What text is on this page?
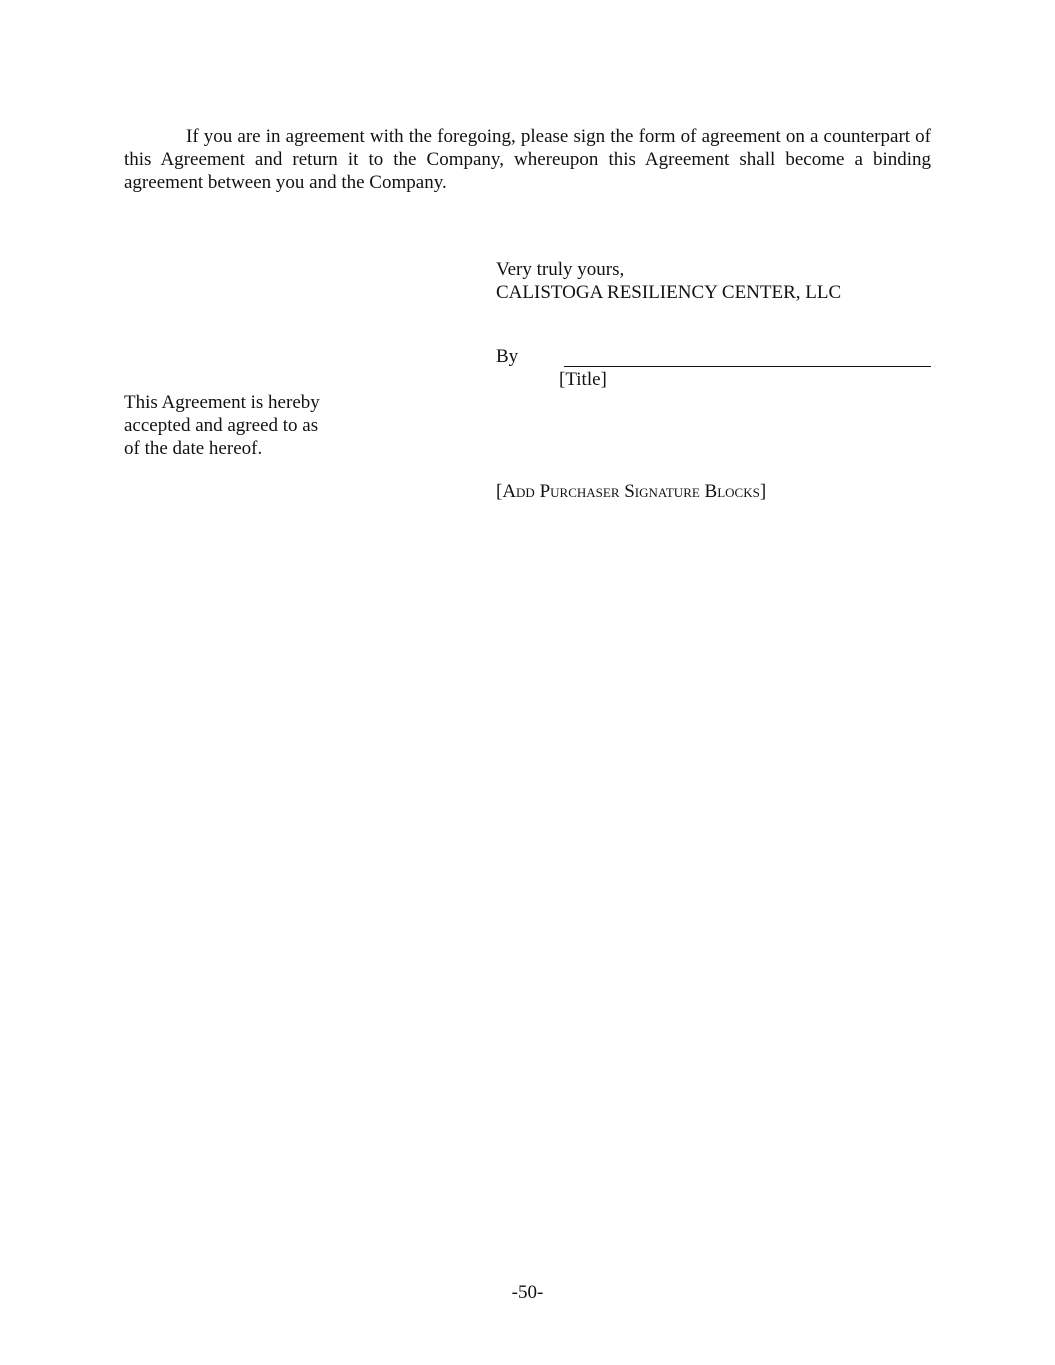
If you are in agreement with the foregoing, please sign the form of agreement on a counterpart of this Agreement and return it to the Company, whereupon this Agreement shall become a binding agreement between you and the Company.

Very truly yours,
CALISTOGA RESILIENCY CENTER, LLC
By
[Title]
This Agreement is hereby
accepted and agreed to as
of the date hereof.
[Add Purchaser Signature Blocks]
-50-
